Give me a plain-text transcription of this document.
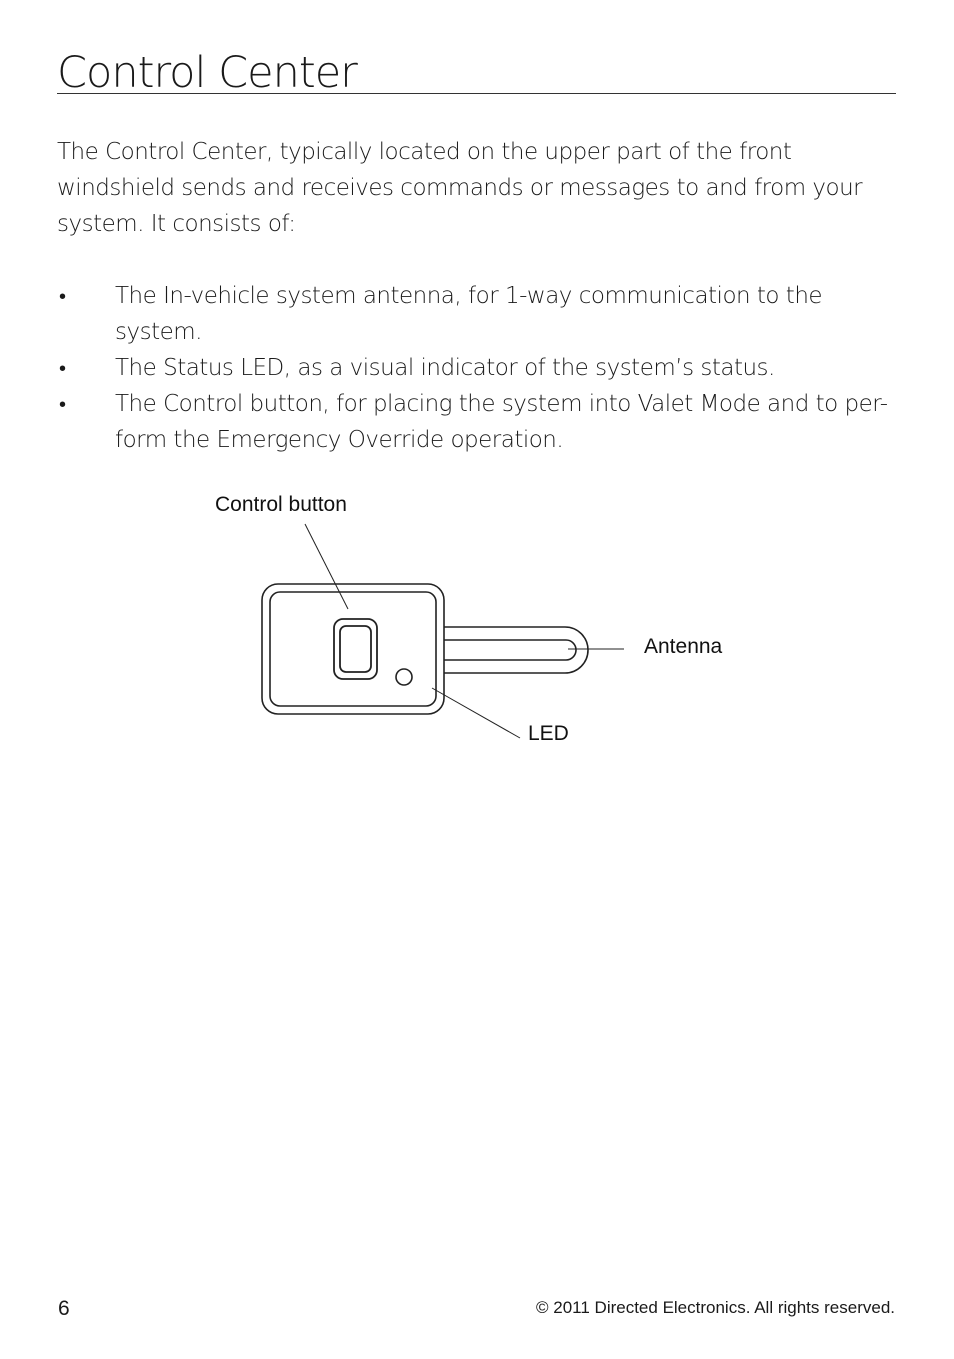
Control Center

The Control Center, typically located on the upper part of the front windshield sends and receives commands or messages to and from your system. It consists of:

• The In-vehicle system antenna, for 1-way communication to the system.
• The Status LED, as a visual indicator of the system’s status.
• The Control button, for placing the system into Valet Mode and to per-form the Emergency Override operation.
Control button
Antenna
LED
6	© 2011 Directed Electronics. All rights reserved.
